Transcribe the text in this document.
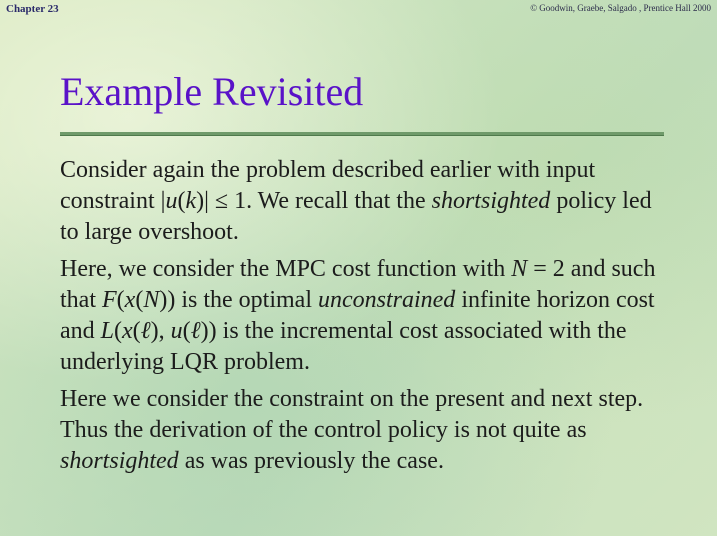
Chapter 23	© Goodwin, Graebe, Salgado , Prentice Hall 2000
Example Revisited

Consider again the problem described earlier with input constraint |u(k)| ≤ 1. We recall that the shortsighted policy led to large overshoot.

Here, we consider the MPC cost function with N = 2 and such that F(x(N)) is the optimal unconstrained infinite horizon cost and L(x(ℓ), u(ℓ)) is the incremental cost associated with the underlying LQR problem.

Here we consider the constraint on the present and next step. Thus the derivation of the control policy is not quite as shortsighted as was previously the case.
